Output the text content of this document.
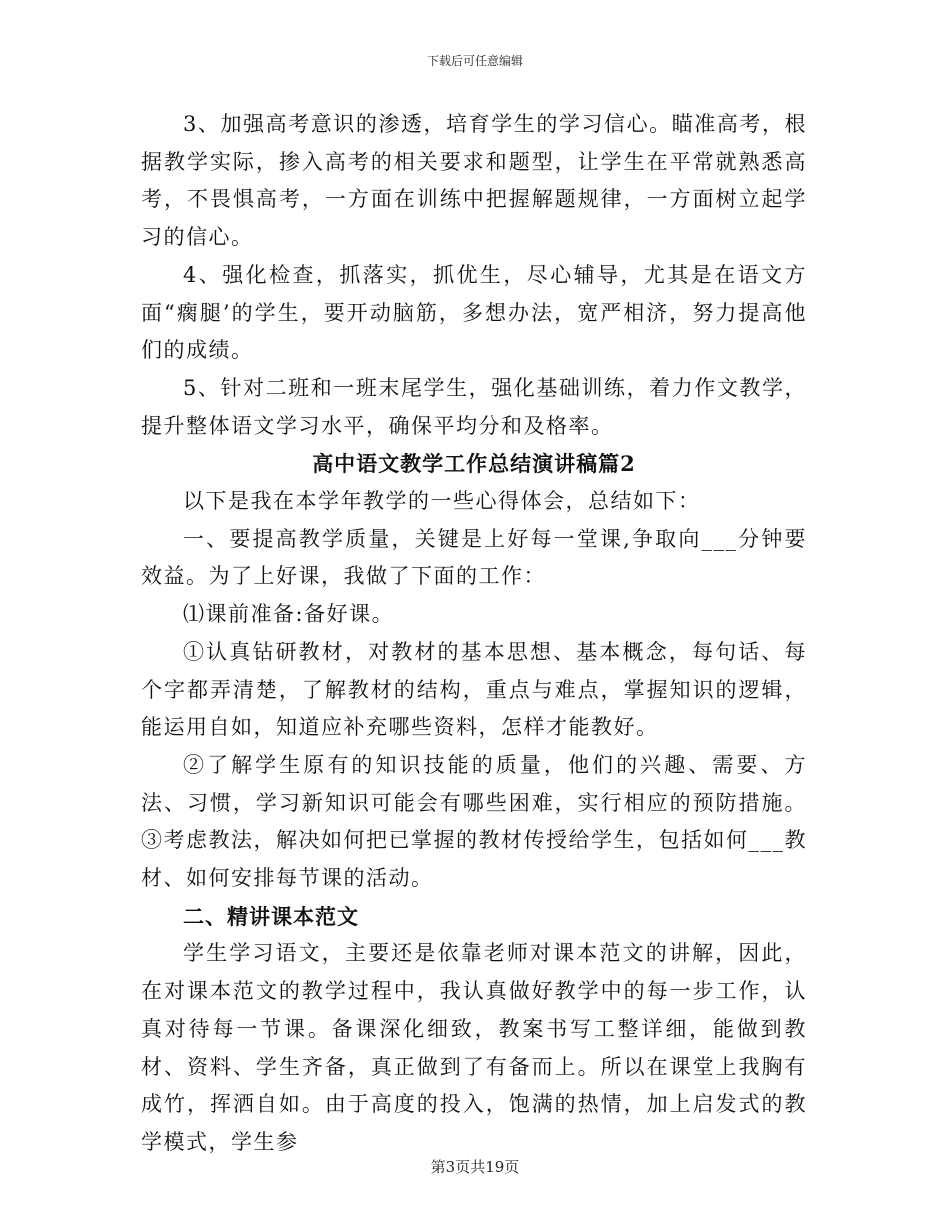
下载后可任意编辑

3、加强高考意识的渗透，培育学生的学习信心。瞄准高考，根据教学实际，掺入高考的相关要求和题型，让学生在平常就熟悉高考，不畏惧高考，一方面在训练中把握解题规律，一方面树立起学习的信心。

4、强化检查，抓落实，抓优生，尽心辅导，尤其是在语文方面“瘸腿’的学生，要开动脑筋，多想办法，宽严相济，努力提高他们的成绩。

5、针对二班和一班末尾学生，强化基础训练，着力作文教学，提升整体语文学习水平，确保平均分和及格率。

高中语文教学工作总结演讲稿篇2

以下是我在本学年教学的一些心得体会，总结如下：

一、要提高教学质量，关键是上好每一堂课,争取向___分钟要效益。为了上好课，我做了下面的工作：

⑴课前准备:备好课。

①认真钻研教材，对教材的基本思想、基本概念，每句话、每个字都弄清楚，了解教材的结构，重点与难点，掌握知识的逻辑，能运用自如，知道应补充哪些资料，怎样才能教好。

②了解学生原有的知识技能的质量，他们的兴趣、需要、方法、习惯，学习新知识可能会有哪些困难，实行相应的预防措施。③考虑教法，解决如何把已掌握的教材传授给学生，包括如何___教材、如何安排每节课的活动。

二、精讲课本范文

学生学习语文，主要还是依靠老师对课本范文的讲解，因此，在对课本范文的教学过程中，我认真做好教学中的每一步工作，认真对待每一节课。备课深化细致，教案书写工整详细，能做到教材、资料、学生齐备，真正做到了有备而上。所以在课堂上我胸有成竹，挥洒自如。由于高度的投入，饱满的热情，加上启发式的教学模式，学生参

第3页共19页
